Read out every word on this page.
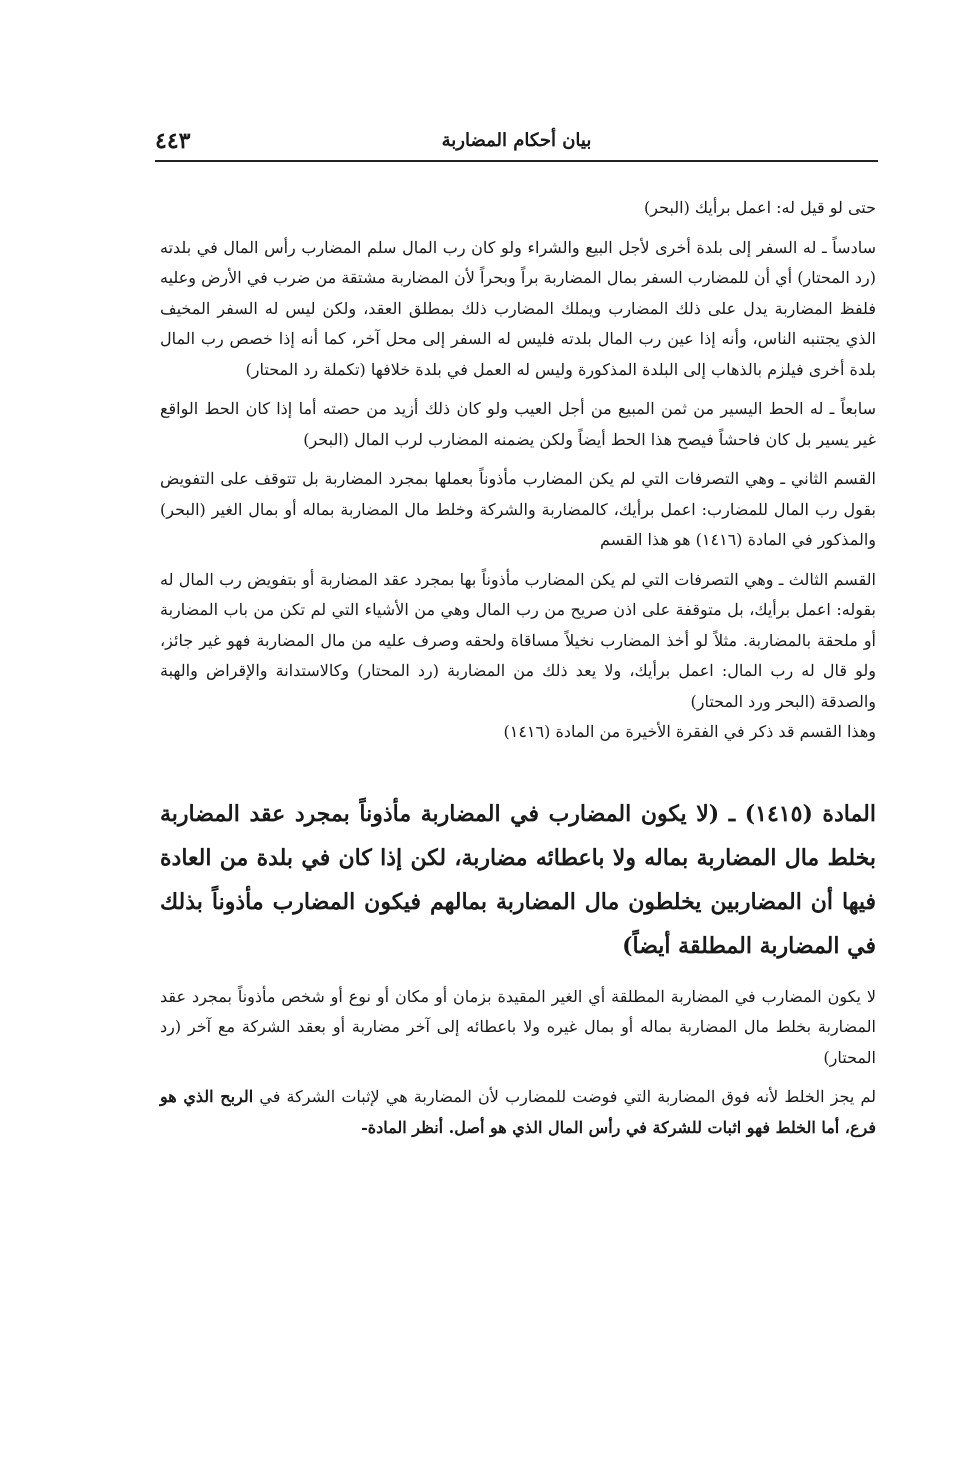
بيان أحكام المضاربة
٤٤٣

حتى لو قيل له: اعمل برأيك (البحر)

سادساً ـ له السفر إلى بلدة أخرى لأجل البيع والشراء ولو كان رب المال سلم المضارب رأس المال في بلدته (رد المحتار) أي أن للمضارب السفر بمال المضاربة براً وبحراً لأن المضاربة مشتقة من ضرب في الأرض وعليه فلفظ المضاربة يدل على ذلك المضارب ويملك المضارب ذلك بمطلق العقد، ولكن ليس له السفر المخيف الذي يجتنبه الناس، وأنه إذا عين رب المال بلدته فليس له السفر إلى محل آخر، كما أنه إذا خصص رب المال بلدة أخرى فيلزم بالذهاب إلى البلدة المذكورة وليس له العمل في بلدة خلافها (تكملة رد المحتار)

سابعاً ـ له الحط اليسير من ثمن المبيع من أجل العيب ولو كان ذلك أزيد من حصته أما إذا كان الحط الواقع غير يسير بل كان فاحشاً فيصح هذا الحط أيضاً ولكن يضمنه المضارب لرب المال (البحر)

القسم الثاني ـ وهي التصرفات التي لم يكن المضارب مأذوناً بعملها بمجرد المضاربة بل تتوقف على التفويض بقول رب المال للمضارب: اعمل برأيك، كالمضاربة والشركة وخلط مال المضاربة بماله أو بمال الغير (البحر) والمذكور في المادة (١٤١٦) هو هذا القسم

القسم الثالث ـ وهي التصرفات التي لم يكن المضارب مأذوناً بها بمجرد عقد المضاربة أو بتفويض رب المال له بقوله: اعمل برأيك، بل متوقفة على اذن صريح من رب المال وهي من الأشياء التي لم تكن من باب المضاربة أو ملحقة بالمضاربة. مثلاً لو أخذ المضارب نخيلاً مساقاة ولحقه وصرف عليه من مال المضاربة فهو غير جائز، ولو قال له رب المال: اعمل برأيك، ولا يعد ذلك من المضاربة (رد المحتار) وكالاستدانة والإقراض والهبة والصدقة (البحر ورد المحتار)

وهذا القسم قد ذكر في الفقرة الأخيرة من المادة (١٤١٦)

المادة (١٤١٥) ـ (لا يكون المضارب في المضاربة مأذوناً بمجرد عقد المضاربة بخلط مال المضاربة بماله ولا باعطائه مضاربة، لكن إذا كان في بلدة من العادة فيها أن المضاربين يخلطون مال المضاربة بمالهم فيكون المضارب مأذوناً بذلك في المضاربة المطلقة أيضاً)

لا يكون المضارب في المضاربة المطلقة أي الغير المقيدة بزمان أو مكان أو نوع أو شخص مأذوناً بمجرد عقد المضاربة بخلط مال المضاربة بماله أو بمال غيره ولا باعطائه إلى آخر مضاربة أو بعقد الشركة مع آخر (رد المحتار)

لم يجز الخلط لأنه فوق المضاربة التي فوضت للمضارب لأن المضاربة هي لإثبات الشركة في الربح الذي هو فرع، أما الخلط فهو اثبات للشركة في رأس المال الذي هو أصل. أنظر المادة-
